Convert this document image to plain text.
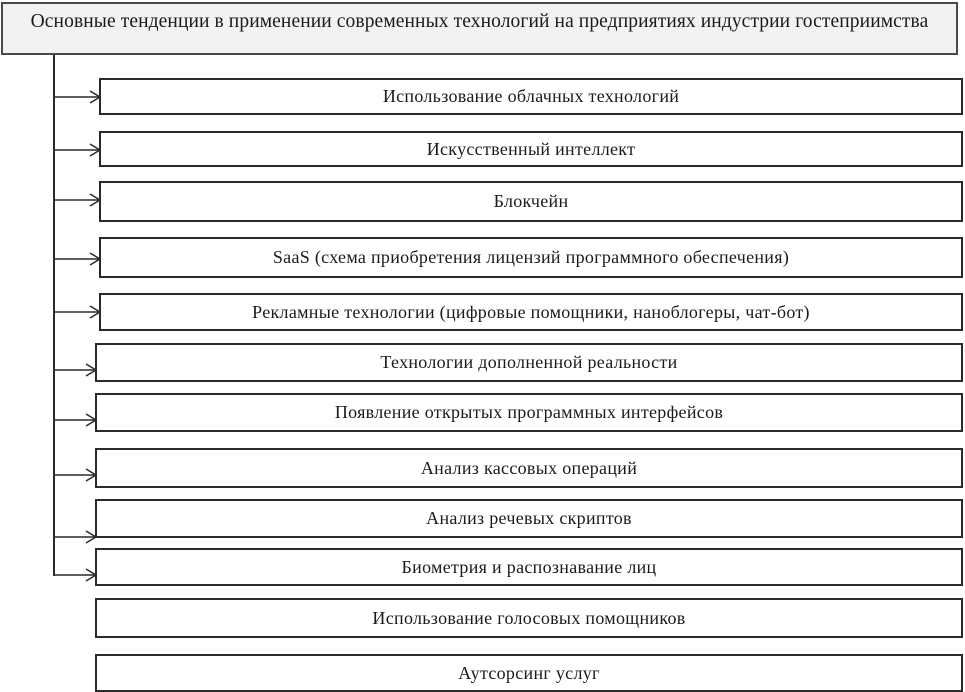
Основные тенденции в применении современных технологий на предприятиях индустрии гостеприимства
Использование облачных технологий
Искусственный интеллект
Блокчейн
SaaS (схема приобретения лицензий программного обеспечения)
Рекламные технологии (цифровые помощники, наноблогеры, чат-бот)
Технологии дополненной реальности
Появление открытых программных интерфейсов
Анализ кассовых операций
Анализ речевых скриптов
Биометрия и распознавание лиц
Использование голосовых помощников
Аутсорсинг услуг
